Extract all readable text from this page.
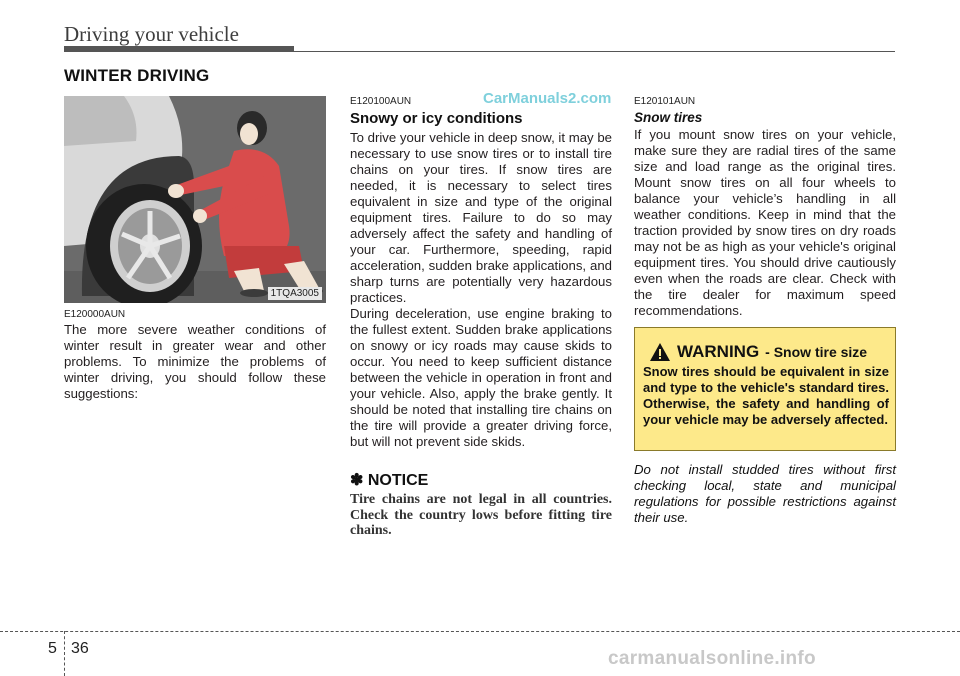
Driving your vehicle
WINTER DRIVING
1TQA3005
E120000AUN
The more severe weather conditions of winter result in greater wear and other problems. To minimize the problems of winter driving, you should follow these suggestions:
E120100AUN	CarManuals2.com
Snowy or icy conditions
To drive your vehicle in deep snow, it may be necessary to use snow tires or to install tire chains on your tires. If snow tires are needed, it is necessary to select tires equivalent in size and type of the original equipment tires. Failure to do so may adversely affect the safety and handling of your car. Furthermore, speeding, rapid acceleration, sudden brake applications, and sharp turns are potentially very hazardous practices.
During deceleration, use engine braking to the fullest extent. Sudden brake applications on snowy or icy roads may cause skids to occur. You need to keep sufficient distance between the vehicle in operation in front and your vehicle. Also, apply the brake gently. It should be noted that installing tire chains on the tire will provide a greater driving force, but will not prevent side skids.
✽ NOTICE
Tire chains are not legal in all countries. Check the country lows before fitting tire chains.
E120101AUN
Snow tires
If you mount snow tires on your vehicle, make sure they are radial tires of the same size and load range as the original tires. Mount snow tires on all four wheels to balance your vehicle’s handling in all weather conditions. Keep in mind that the traction provided by snow tires on dry roads may not be as high as your vehicle's original equipment tires. You should drive cautiously even when the roads are clear. Check with the tire dealer for maximum speed recommendations.
WARNING - Snow tire size
Snow tires should be equivalent in size and type to the vehicle's standard tires. Otherwise, the safety and handling of your vehicle may be adversely affected.
Do not install studded tires without first checking local, state and municipal regulations for possible restrictions against their use.
5 36	carmanualsonline.info
